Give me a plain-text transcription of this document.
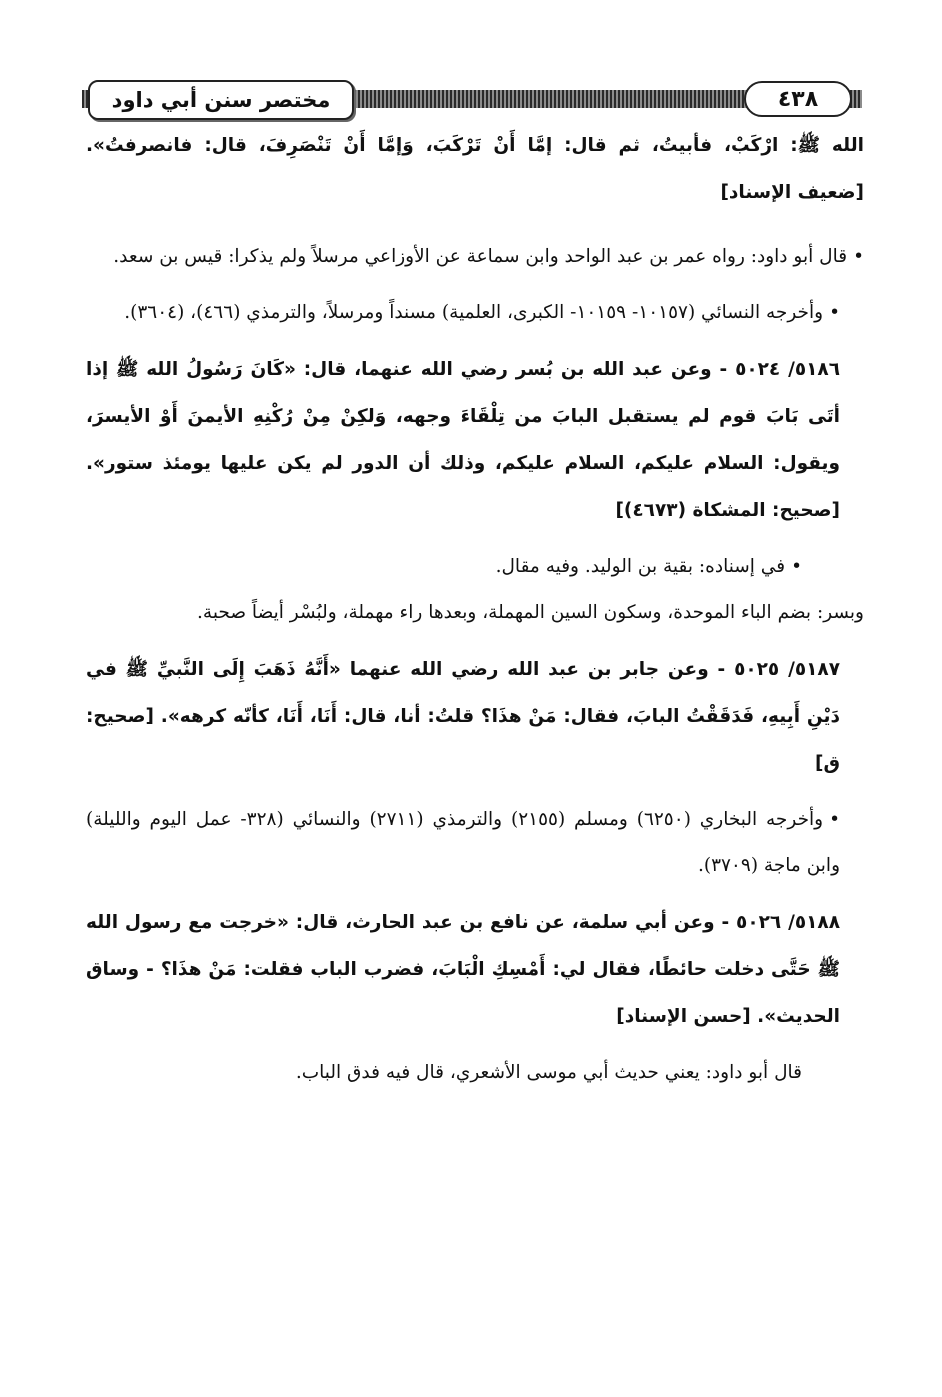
مختصر سنن أبي داود	٤٣٨

الله ﷺ: ارْكَبْ، فأبيتُ، ثم قال: إمَّا أَنْ تَرْكَبَ، وَإمَّا أَنْ تَنْصَرِفَ، قال: فانصرفتُ». [ضعيف الإسناد]

•قال أبو داود: رواه عمر بن عبد الواحد وابن سماعة عن الأوزاعي مرسلاً ولم يذكرا: قيس بن سعد.

•وأخرجه النسائي (١٠١٥٧- ١٠١٥٩- الكبرى، العلمية) مسنداً ومرسلاً، والترمذي (٤٦٦)، (٣٦٠٤).

٥١٨٦/ ٥٠٢٤ - وعن عبد الله بن بُسر رضي الله عنهما، قال: «كَانَ رَسُولُ الله ﷺ إذا أتَى بَابَ قوم لم يستقبل البابَ من تِلْقَاءَ وجهه، وَلكِنْ مِنْ رُكْنِهِ الأيمنَ أَوْ الأيسرَ، ويقول: السلام عليكم، السلام عليكم، وذلك أن الدور لم يكن عليها يومئذ ستور». [صحيح: المشكاة (٤٦٧٣)]

•في إسناده: بقية بن الوليد. وفيه مقال.

وبسر: بضم الباء الموحدة، وسكون السين المهملة، وبعدها راء مهملة، ولبُسْر أيضاً صحبة.

٥١٨٧/ ٥٠٢٥ - وعن جابر بن عبد الله رضي الله عنهما «أَنَّهُ ذَهَبَ إِلَى النَّبيِّ ﷺ في دَيْنِ أَبِيهِ، فَدَقَقْتُ البابَ، فقال: مَنْ هذَا؟ قلتُ: أنا، قال: أَنَا، أَنَا، كأنّه كرهه». [صحيح: ق]

•وأخرجه البخاري (٦٢٥٠) ومسلم (٢١٥٥) والترمذي (٢٧١١) والنسائي (٣٢٨- عمل اليوم والليلة) وابن ماجة (٣٧٠٩).

٥١٨٨/ ٥٠٢٦ - وعن أبي سلمة، عن نافع بن عبد الحارث، قال: «خرجت مع رسول الله ﷺ حَتَّى دخلت حائطًا، فقال لي: أَمْسِكِ الْبَابَ، فضرب الباب فقلت: مَنْ هذَا؟ - وساق الحديث». [حسن الإسناد]

قال أبو داود: يعني حديث أبي موسى الأشعري، قال فيه فدق الباب.
